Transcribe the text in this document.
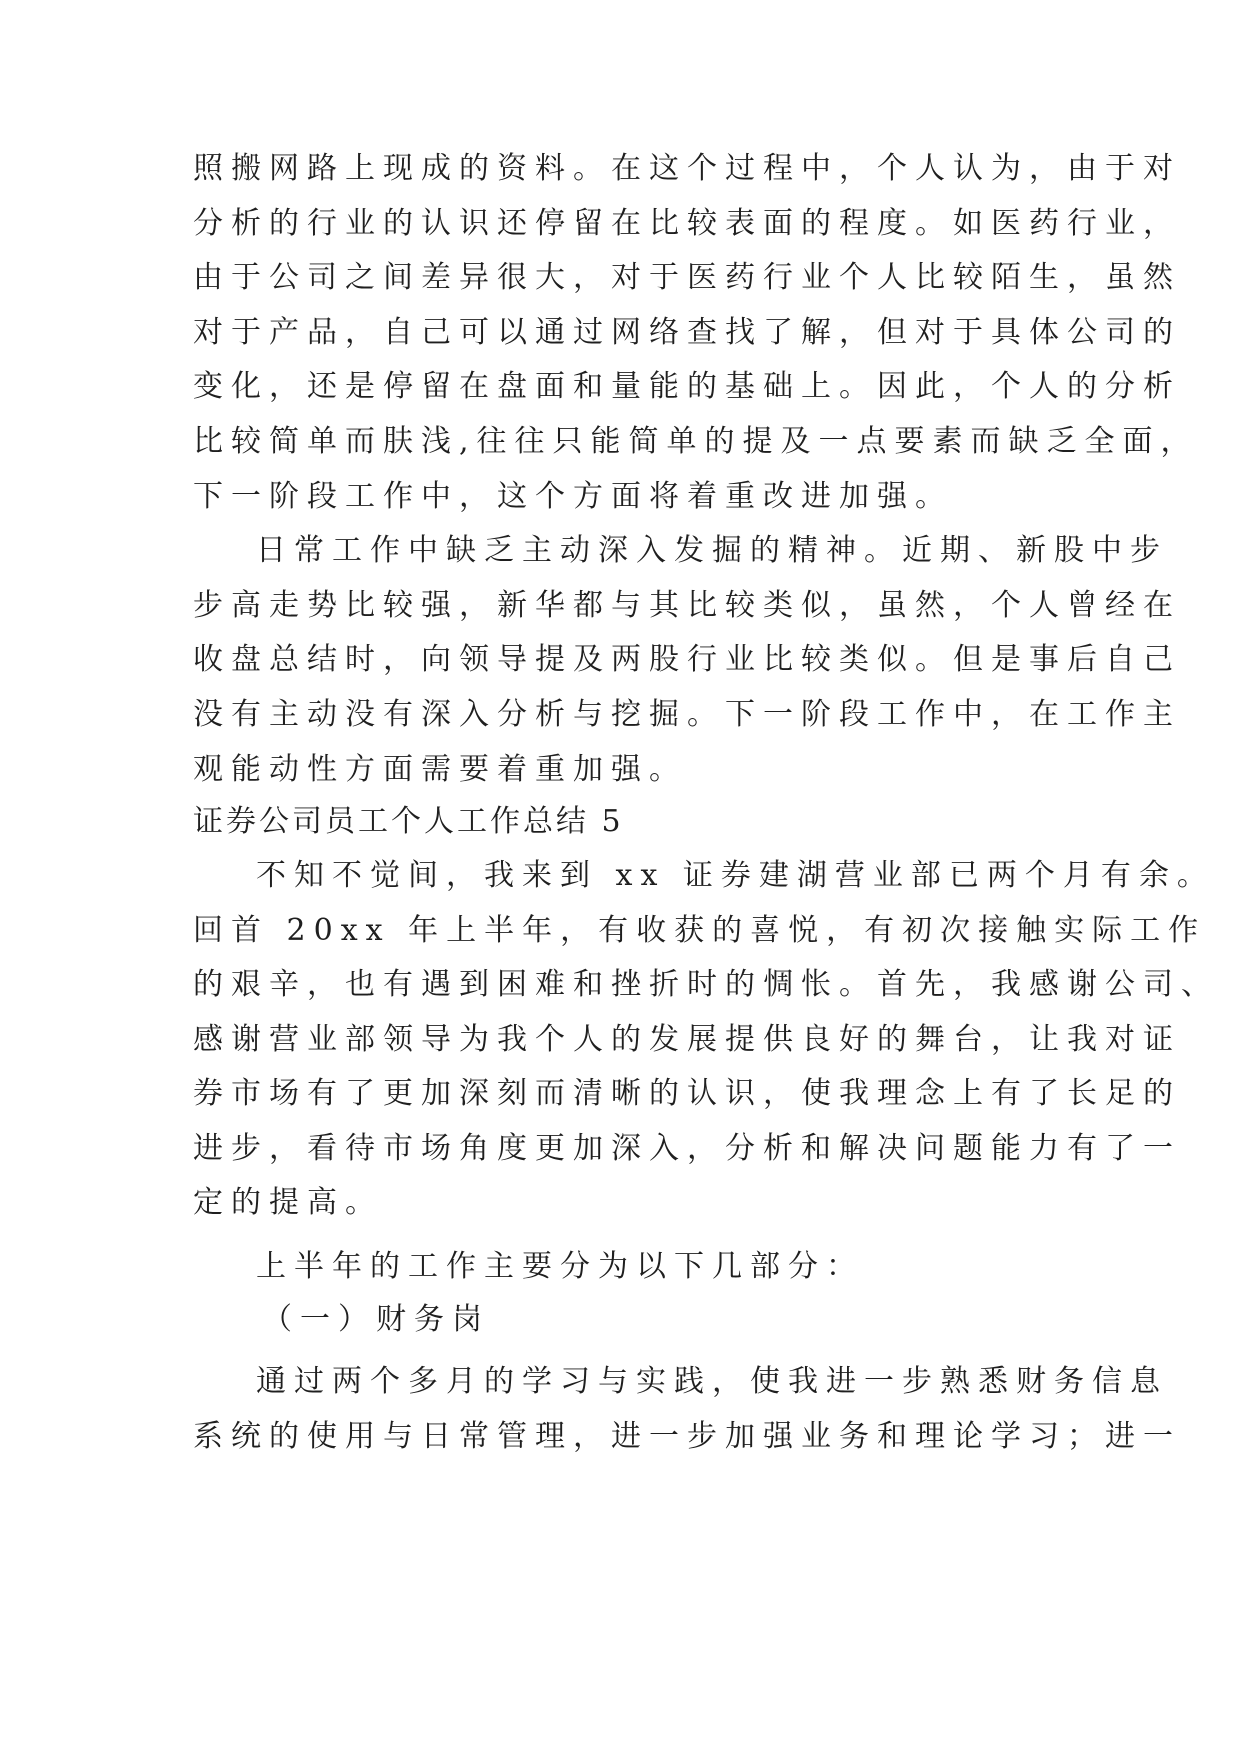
照搬网路上现成的资料。在这个过程中，个人认为，由于对
分析的行业的认识还停留在比较表面的程度。如医药行业，
由于公司之间差异很大，对于医药行业个人比较陌生，虽然
对于产品，自己可以通过网络查找了解，但对于具体公司的
变化，还是停留在盘面和量能的基础上。因此，个人的分析
比较简单而肤浅,往往只能简单的提及一点要素而缺乏全面，
下一阶段工作中，这个方面将着重改进加强。
日常工作中缺乏主动深入发掘的精神。近期、新股中步
步高走势比较强，新华都与其比较类似，虽然，个人曾经在
收盘总结时，向领导提及两股行业比较类似。但是事后自己
没有主动没有深入分析与挖掘。下一阶段工作中，在工作主
观能动性方面需要着重加强。
证券公司员工个人工作总结 5
不知不觉间，我来到 xx 证券建湖营业部已两个月有余。
回首 20xx 年上半年，有收获的喜悦，有初次接触实际工作
的艰辛，也有遇到困难和挫折时的惆怅。首先，我感谢公司、
感谢营业部领导为我个人的发展提供良好的舞台，让我对证
券市场有了更加深刻而清晰的认识，使我理念上有了长足的
进步，看待市场角度更加深入，分析和解决问题能力有了一
定的提高。
上半年的工作主要分为以下几部分：
（一）财务岗
通过两个多月的学习与实践，使我进一步熟悉财务信息
系统的使用与日常管理，进一步加强业务和理论学习；进一
